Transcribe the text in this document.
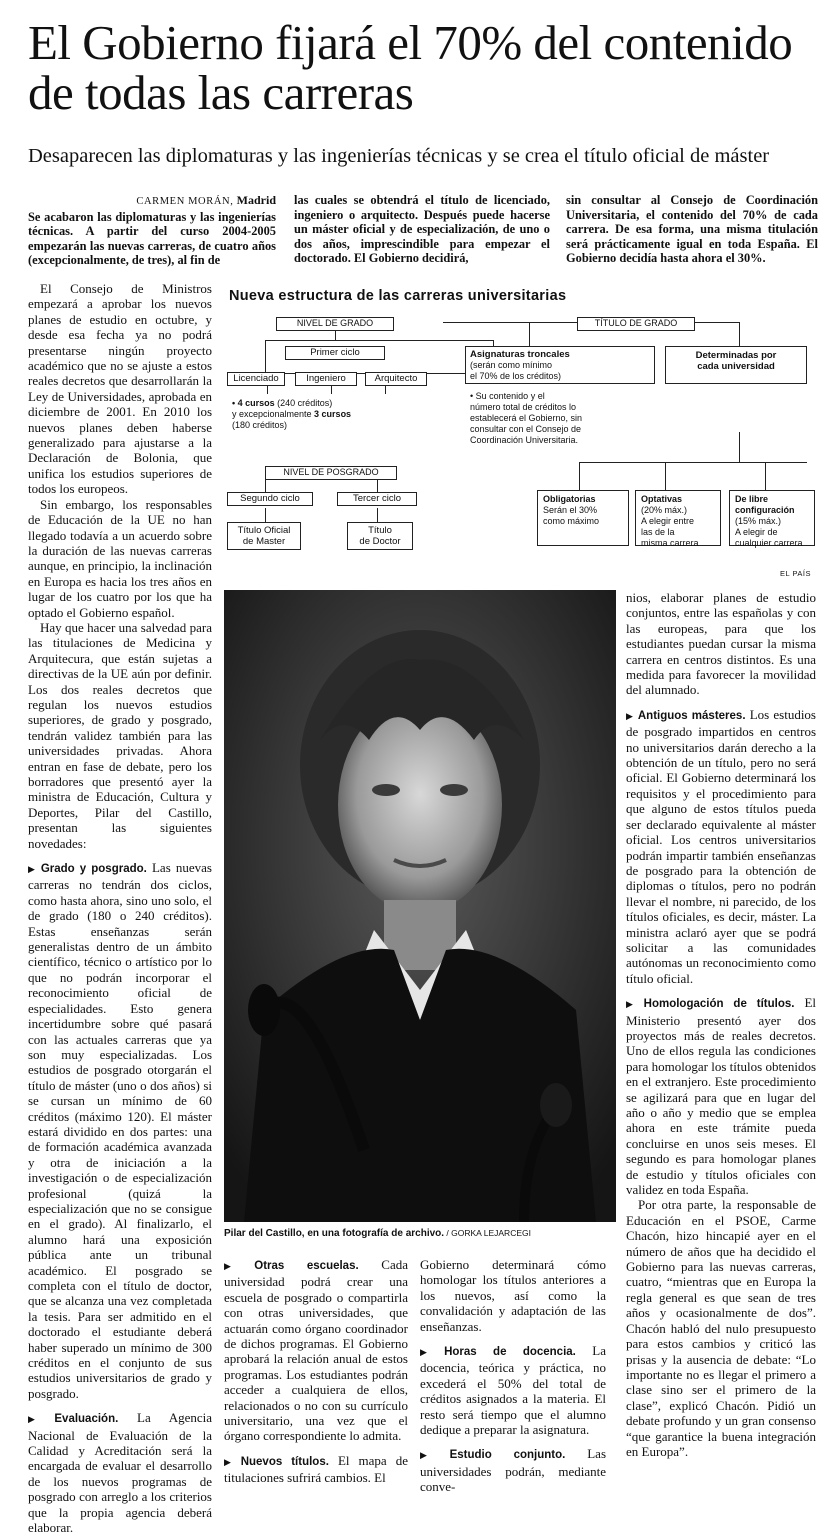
El Gobierno fijará el 70% del contenido de todas las carreras
Desaparecen las diplomaturas y las ingenierías técnicas y se crea el título oficial de máster
CARMEN MORÁN, Madrid

Se acabaron las diplomaturas y las ingenierías técnicas. A partir del curso 2004-2005 empezarán las nuevas carreras, de cuatro años (excepcionalmente, de tres), al fin de

las cuales se obtendrá el título de licenciado, ingeniero o arquitecto. Después puede hacerse un máster oficial y de especialización, de uno o dos años, imprescindible para empezar el doctorado. El Gobierno decidirá,

sin consultar al Consejo de Coordinación Universitaria, el contenido del 70% de cada carrera. De esa forma, una misma titulación será prácticamente igual en toda España. El Gobierno decidía hasta ahora el 30%.

El Consejo de Ministros empezará a aprobar los nuevos planes de estudio en octubre, y desde esa fecha ya no podrá presentarse ningún proyecto académico que no se ajuste a estos reales decretos que desarrollarán la Ley de Universidades, aprobada en diciembre de 2001. En 2010 los nuevos planes deben haberse generalizado para ajustarse a la Declaración de Bolonia, que unifica los estudios superiores de todos los europeos.

Sin embargo, los responsables de Educación de la UE no han llegado todavía a un acuerdo sobre la duración de las nuevas carreras aunque, en principio, la inclinación en Europa es hacia los tres años en lugar de los cuatro por los que ha optado el Gobierno español.

Hay que hacer una salvedad para las titulaciones de Medicina y Arquitecura, que están sujetas a directivas de la UE aún por definir. Los dos reales decretos que regulan los nuevos estudios superiores, de grado y posgrado, tendrán validez también para las universidades privadas. Ahora entran en fase de debate, pero los borradores que presentó ayer la ministra de Educación, Cultura y Deportes, Pilar del Castillo, presentan las siguientes novedades:

▶ Grado y posgrado. Las nuevas carreras no tendrán dos ciclos, como hasta ahora, sino uno solo, el de grado (180 o 240 créditos). Estas enseñanzas serán generalistas dentro de un ámbito científico, técnico o artístico por lo que no podrán incorporar el reconocimiento oficial de especialidades. Esto genera incertidumbre sobre qué pasará con las actuales carreras que ya son muy especializadas. Los estudios de posgrado otorgarán el título de máster (uno o dos años) si se cursan un mínimo de 60 créditos (máximo 120). El máster estará dividido en dos partes: una de formación académica avanzada y otra de iniciación a la investigación o de especialización profesional (quizá la especialización que no se consigue en el grado). Al finalizarlo, el alumno hará una exposición pública ante un tribunal académico. El posgrado se completa con el título de doctor, que se alcanza una vez completada la tesis. Para ser admitido en el doctorado el estudiante deberá haber superado un mínimo de 300 créditos en el conjunto de sus estudios universitarios de grado y posgrado.

▶ Evaluación. La Agencia Nacional de Evaluación de la Calidad y Acreditación será la encargada de evaluar el desarrollo de los nuevos programas de posgrado con arreglo a los criterios que la propia agencia deberá elaborar.

▶ Otras escuelas. Cada universidad podrá crear una escuela de posgrado o compartirla con otras universidades, que actuarán como órgano coordinador de dichos programas. El Gobierno aprobará la relación anual de estos programas. Los estudiantes podrán acceder a cualquiera de ellos, relacionados o no con su currículo universitario, una vez que el órgano correspondiente lo admita.

▶ Nuevos títulos. El mapa de titulaciones sufrirá cambios. El

Gobierno determinará cómo homologar los títulos anteriores a los nuevos, así como la convalidación y adaptación de las enseñanzas.

▶ Horas de docencia. La docencia, teórica y práctica, no excederá el 50% del total de créditos asignados a la materia. El resto será tiempo que el alumno dedique a preparar la asignatura.

▶ Estudio conjunto. Las universidades podrán, mediante conve-

nios, elaborar planes de estudio conjuntos, entre las españolas y con las europeas, para que los estudiantes puedan cursar la misma carrera en centros distintos. Es una medida para favorecer la movilidad del alumnado.

▶ Antiguos másteres. Los estudios de posgrado impartidos en centros no universitarios darán derecho a la obtención de un título, pero no será oficial. El Gobierno determinará los requisitos y el procedimiento para que alguno de estos títulos pueda ser declarado equivalente al máster oficial. Los centros universitarios podrán impartir también enseñanzas de posgrado para la obtención de diplomas o títulos, pero no podrán llevar el nombre, ni parecido, de los títulos oficiales, es decir, máster. La ministra aclaró ayer que se podrá solicitar a las comunidades autónomas un reconocimiento como título oficial.

▶ Homologación de títulos. El Ministerio presentó ayer dos proyectos más de reales decretos. Uno de ellos regula las condiciones para homologar los títulos obtenidos en el extranjero. Este procedimiento se agilizará para que en lugar del año o año y medio que se emplea ahora en este trámite pueda concluirse en unos seis meses. El segundo es para homologar planes de estudio y títulos oficiales con validez en toda España.

Por otra parte, la responsable de Educación en el PSOE, Carme Chacón, hizo hincapié ayer en el número de años que ha decidido el Gobierno para las nuevas carreras, cuatro, “mientras que en Europa la regla general es que sean de tres años y ocasionalmente de dos”. Chacón habló del nulo presupuesto para estos cambios y criticó las prisas y la ausencia de debate: “Lo importante no es llegar el primero a clase sino ser el primero de la clase”, explicó Chacón. Pidió un debate profundo y un gran consenso “que garantice la buena integración en Europa”.

Nueva estructura de las carreras universitarias
NIVEL DE GRADO
Primer ciclo
Licenciado	Ingeniero	Arquitecto
• 4 cursos (240 créditos)
y excepcionalmente 3 cursos
(180 créditos)
NIVEL DE POSGRADO
Segundo ciclo	Tercer ciclo
Título Oficial
de Master
Título
de Doctor
TÍTULO DE GRADO
Asignaturas troncales
(serán como mínimo
el 70% de los créditos)
• Su contenido y el
número total de créditos lo
establecerá el Gobierno, sin
consultar con el Consejo de
Coordinación Universitaria.
Determinadas por
cada universidad
Obligatorias
Serán el 30%
como máximo
Optativas
(20% máx.)
A elegir entre
las de la
misma carrera
De libre
configuración
(15% máx.)
A elegir de
cualquier carrera
EL PAÍS
Pilar del Castillo, en una fotografía de archivo. / GORKA LEJARCEGI
